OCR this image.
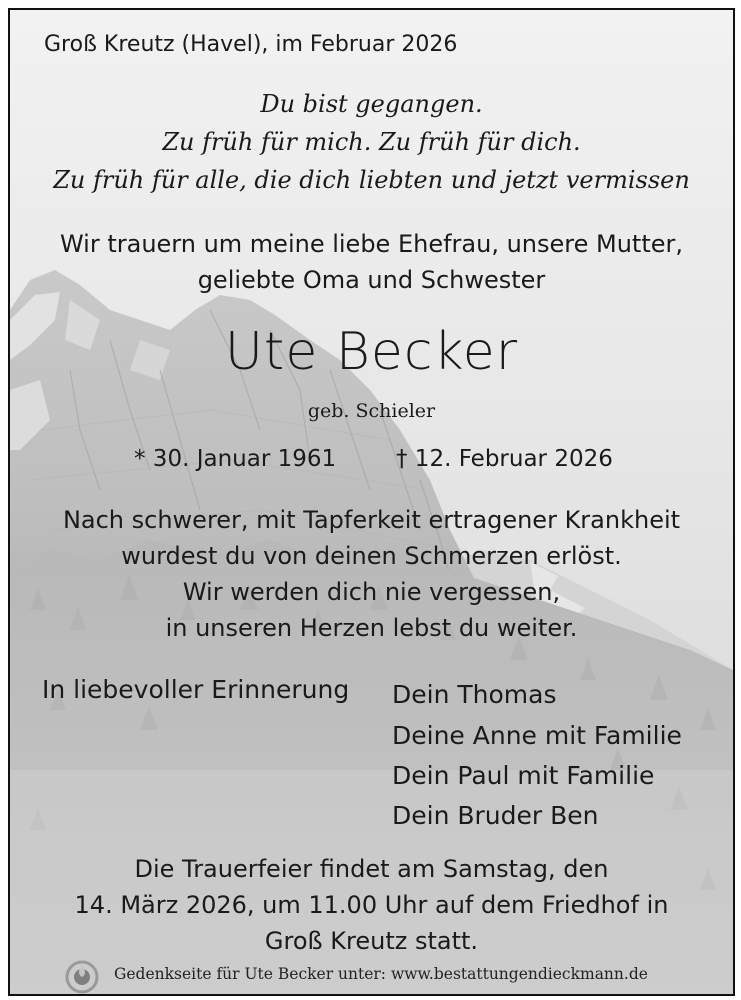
Groß Kreutz (Havel), im Februar 2026
Du bist gegangen.
Zu früh für mich. Zu früh für dich.
Zu früh für alle, die dich liebten und jetzt vermissen
Wir trauern um meine liebe Ehefrau, unsere Mutter,
geliebte Oma und Schwester
Ute Becker
geb. Schieler
* 30. Januar 1961	† 12. Februar 2026
Nach schwerer, mit Tapferkeit ertragener Krankheit
wurdest du von deinen Schmerzen erlöst.
Wir werden dich nie vergessen,
in unseren Herzen lebst du weiter.
In liebevoller Erinnerung Dein Thomas
Deine Anne mit Familie
Dein Paul mit Familie
Dein Bruder Ben
Die Trauerfeier findet am Samstag, den
14. März 2026, um 11.00 Uhr auf dem Friedhof in
Groß Kreutz statt.
Gedenkseite für Ute Becker unter: www.bestattungendieckmann.de
